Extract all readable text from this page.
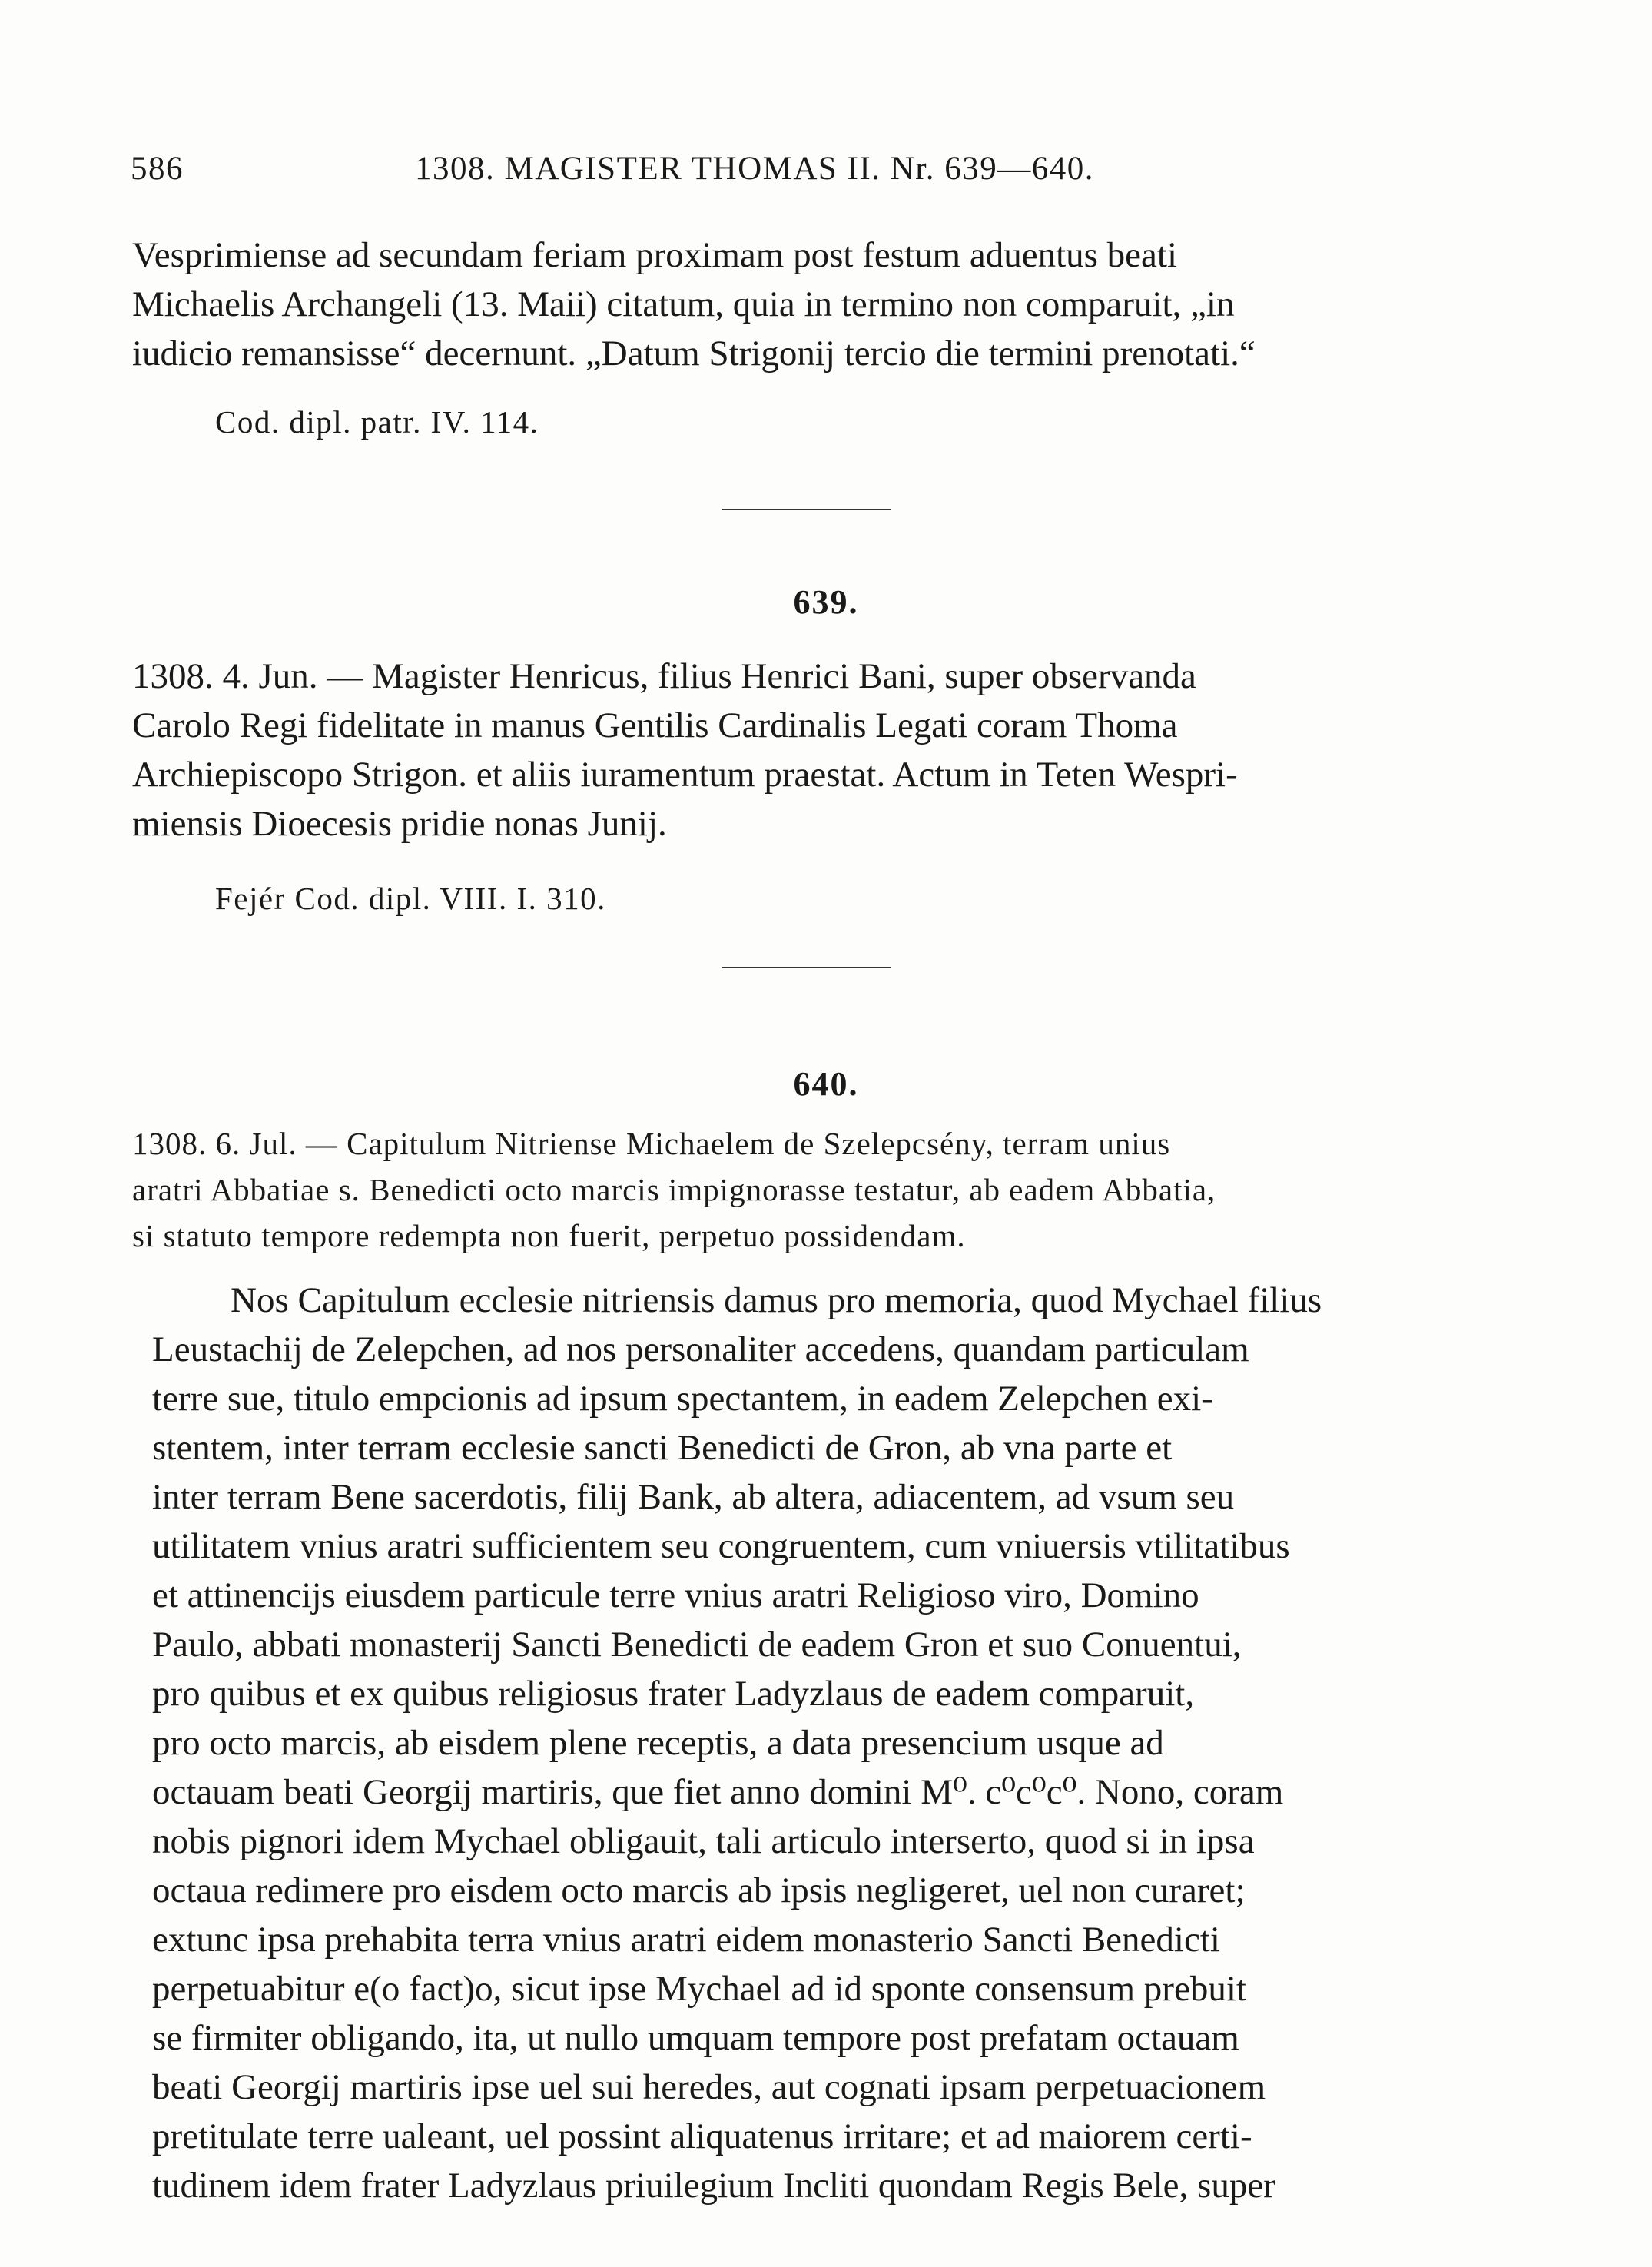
586	1308. MAGISTER THOMAS II. Nr. 639—640.
Vesprimiense ad secundam feriam proximam post festum aduentus beati
Michaelis Archangeli (13. Maii) citatum, quia in termino non comparuit, „in
iudicio remansisse“ decernunt. „Datum Strigonij tercio die termini prenotati.“
Cod. dipl. patr. IV. 114.
639.
1308. 4. Jun. — Magister Henricus, filius Henrici Bani, super observanda
Carolo Regi fidelitate in manus Gentilis Cardinalis Legati coram Thoma
Archiepiscopo Strigon. et aliis iuramentum praestat. Actum in Teten Wespri-
miensis Dioecesis pridie nonas Junij.
Fejér Cod. dipl. VIII. I. 310.
640.
1308. 6. Jul. — Capitulum Nitriense Michaelem de Szelepcsény, terram unius
aratri Abbatiae s. Benedicti octo marcis impignorasse testatur, ab eadem Abbatia,
si statuto tempore redempta non fuerit, perpetuo possidendam.
Nos Capitulum ecclesie nitriensis damus pro memoria, quod Mychael filius
Leustachij de Zelepchen, ad nos personaliter accedens, quandam particulam
terre sue, titulo empcionis ad ipsum spectantem, in eadem Zelepchen exi-
stentem, inter terram ecclesie sancti Benedicti de Gron, ab vna parte et
inter terram Bene sacerdotis, filij Bank, ab altera, adiacentem, ad vsum seu
utilitatem vnius aratri sufficientem seu congruentem, cum vniuersis vtilitatibus
et attinencijs eiusdem particule terre vnius aratri Religioso viro, Domino
Paulo, abbati monasterij Sancti Benedicti de eadem Gron et suo Conuentui,
pro quibus et ex quibus religiosus frater Ladyzlaus de eadem comparuit,
pro octo marcis, ab eisdem plene receptis, a data presencium usque ad
octauam beati Georgij martiris, que fiet anno domini M⁰. c⁰c⁰c⁰. Nono, coram
nobis pignori idem Mychael obligauit, tali articulo interserto, quod si in ipsa
octaua redimere pro eisdem octo marcis ab ipsis negligeret, uel non curaret;
extunc ipsa prehabita terra vnius aratri eidem monasterio Sancti Benedicti
perpetuabitur e(o fact)o, sicut ipse Mychael ad id sponte consensum prebuit
se firmiter obligando, ita, ut nullo umquam tempore post prefatam octauam
beati Georgij martiris ipse uel sui heredes, aut cognati ipsam perpetuacionem
pretitulate terre ualeant, uel possint aliquatenus irritare; et ad maiorem certi-
tudinem idem frater Ladyzlaus priuilegium Incliti quondam Regis Bele, super
